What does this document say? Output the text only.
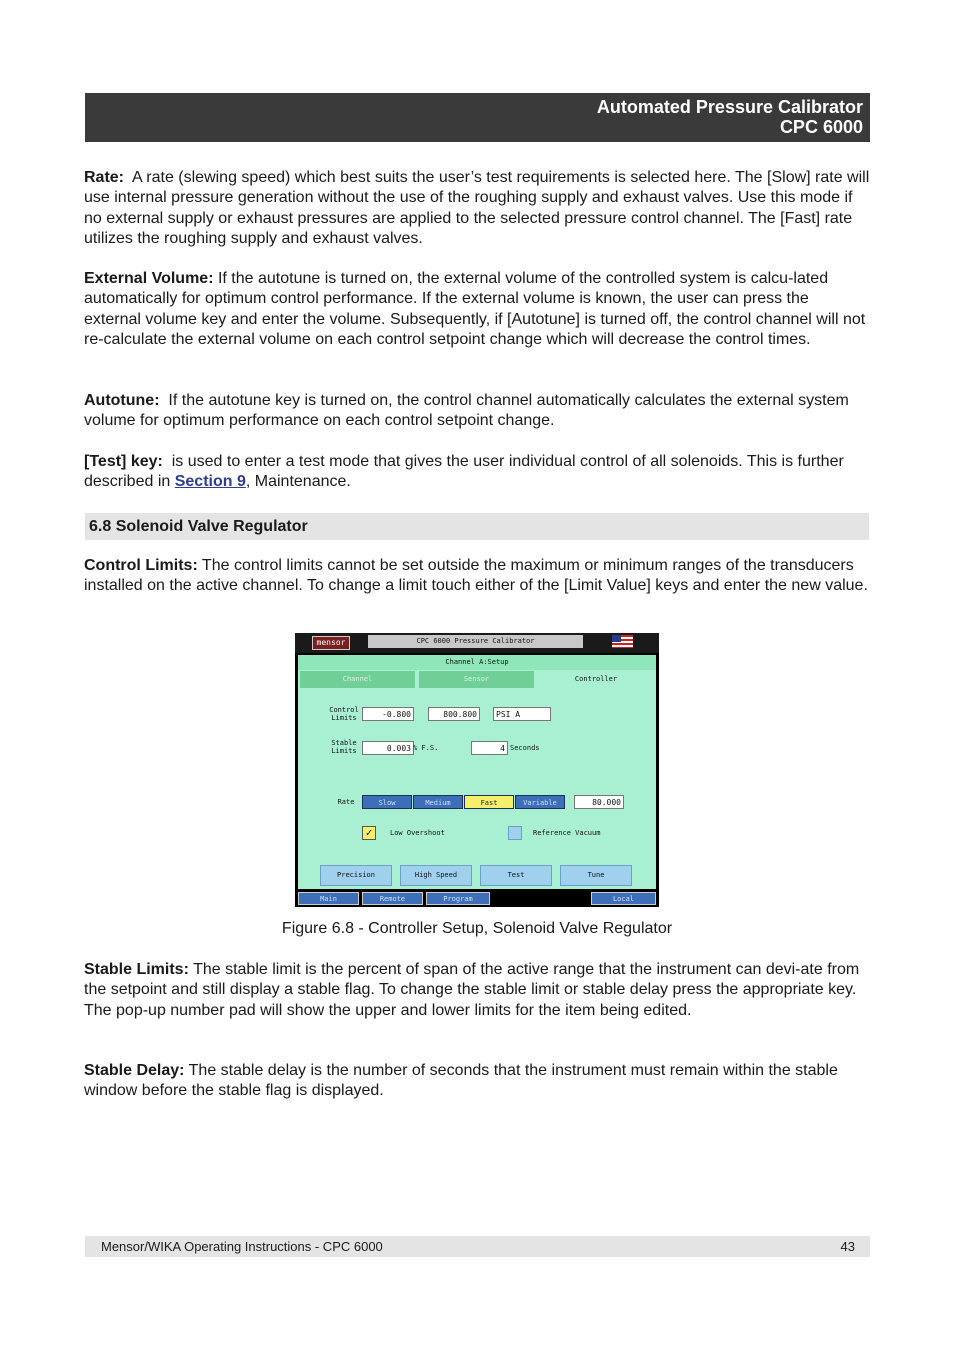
Automated Pressure Calibrator
CPC 6000

Rate: A rate (slewing speed) which best suits the user’s test requirements is selected here. The [Slow] rate will use internal pressure generation without the use of the roughing supply and exhaust valves. Use this mode if no external supply or exhaust pressures are applied to the selected pressure control channel. The [Fast] rate utilizes the roughing supply and exhaust valves.

External Volume: If the autotune is turned on, the external volume of the controlled system is calcu-lated automatically for optimum control performance. If the external volume is known, the user can press the external volume key and enter the volume. Subsequently, if [Autotune] is turned off, the control channel will not re-calculate the external volume on each control setpoint change which will decrease the control times.

Autotune: If the autotune key is turned on, the control channel automatically calculates the external system volume for optimum performance on each control setpoint change.

[Test] key: is used to enter a test mode that gives the user individual control of all solenoids. This is further described in Section 9, Maintenance.

6.8 Solenoid Valve Regulator

Control Limits: The control limits cannot be set outside the maximum or minimum ranges of the transducers installed on the active channel. To change a limit touch either of the [Limit Value] keys and enter the new value.

mensor	CPC 6000 Pressure Calibrator
Channel A:Setup
Channel	Sensor	Controller
Control Limits	-0.800	800.800	PSI A
Stable Limits	0.003 % F.S.	4 Seconds
Rate	Slow	Medium	Fast	Variable	80.000
✓	Low Overshoot	Reference Vacuum
Precision	High Speed	Test	Tune
Main	Remote	Program	Local
Figure 6.8 - Controller Setup, Solenoid Valve Regulator

Stable Limits: The stable limit is the percent of span of the active range that the instrument can devi-ate from the setpoint and still display a stable flag. To change the stable limit or stable delay press the appropriate key. The pop-up number pad will show the upper and lower limits for the item being edited.

Stable Delay: The stable delay is the number of seconds that the instrument must remain within the stable window before the stable flag is displayed.

Mensor/WIKA Operating Instructions - CPC 6000	43
